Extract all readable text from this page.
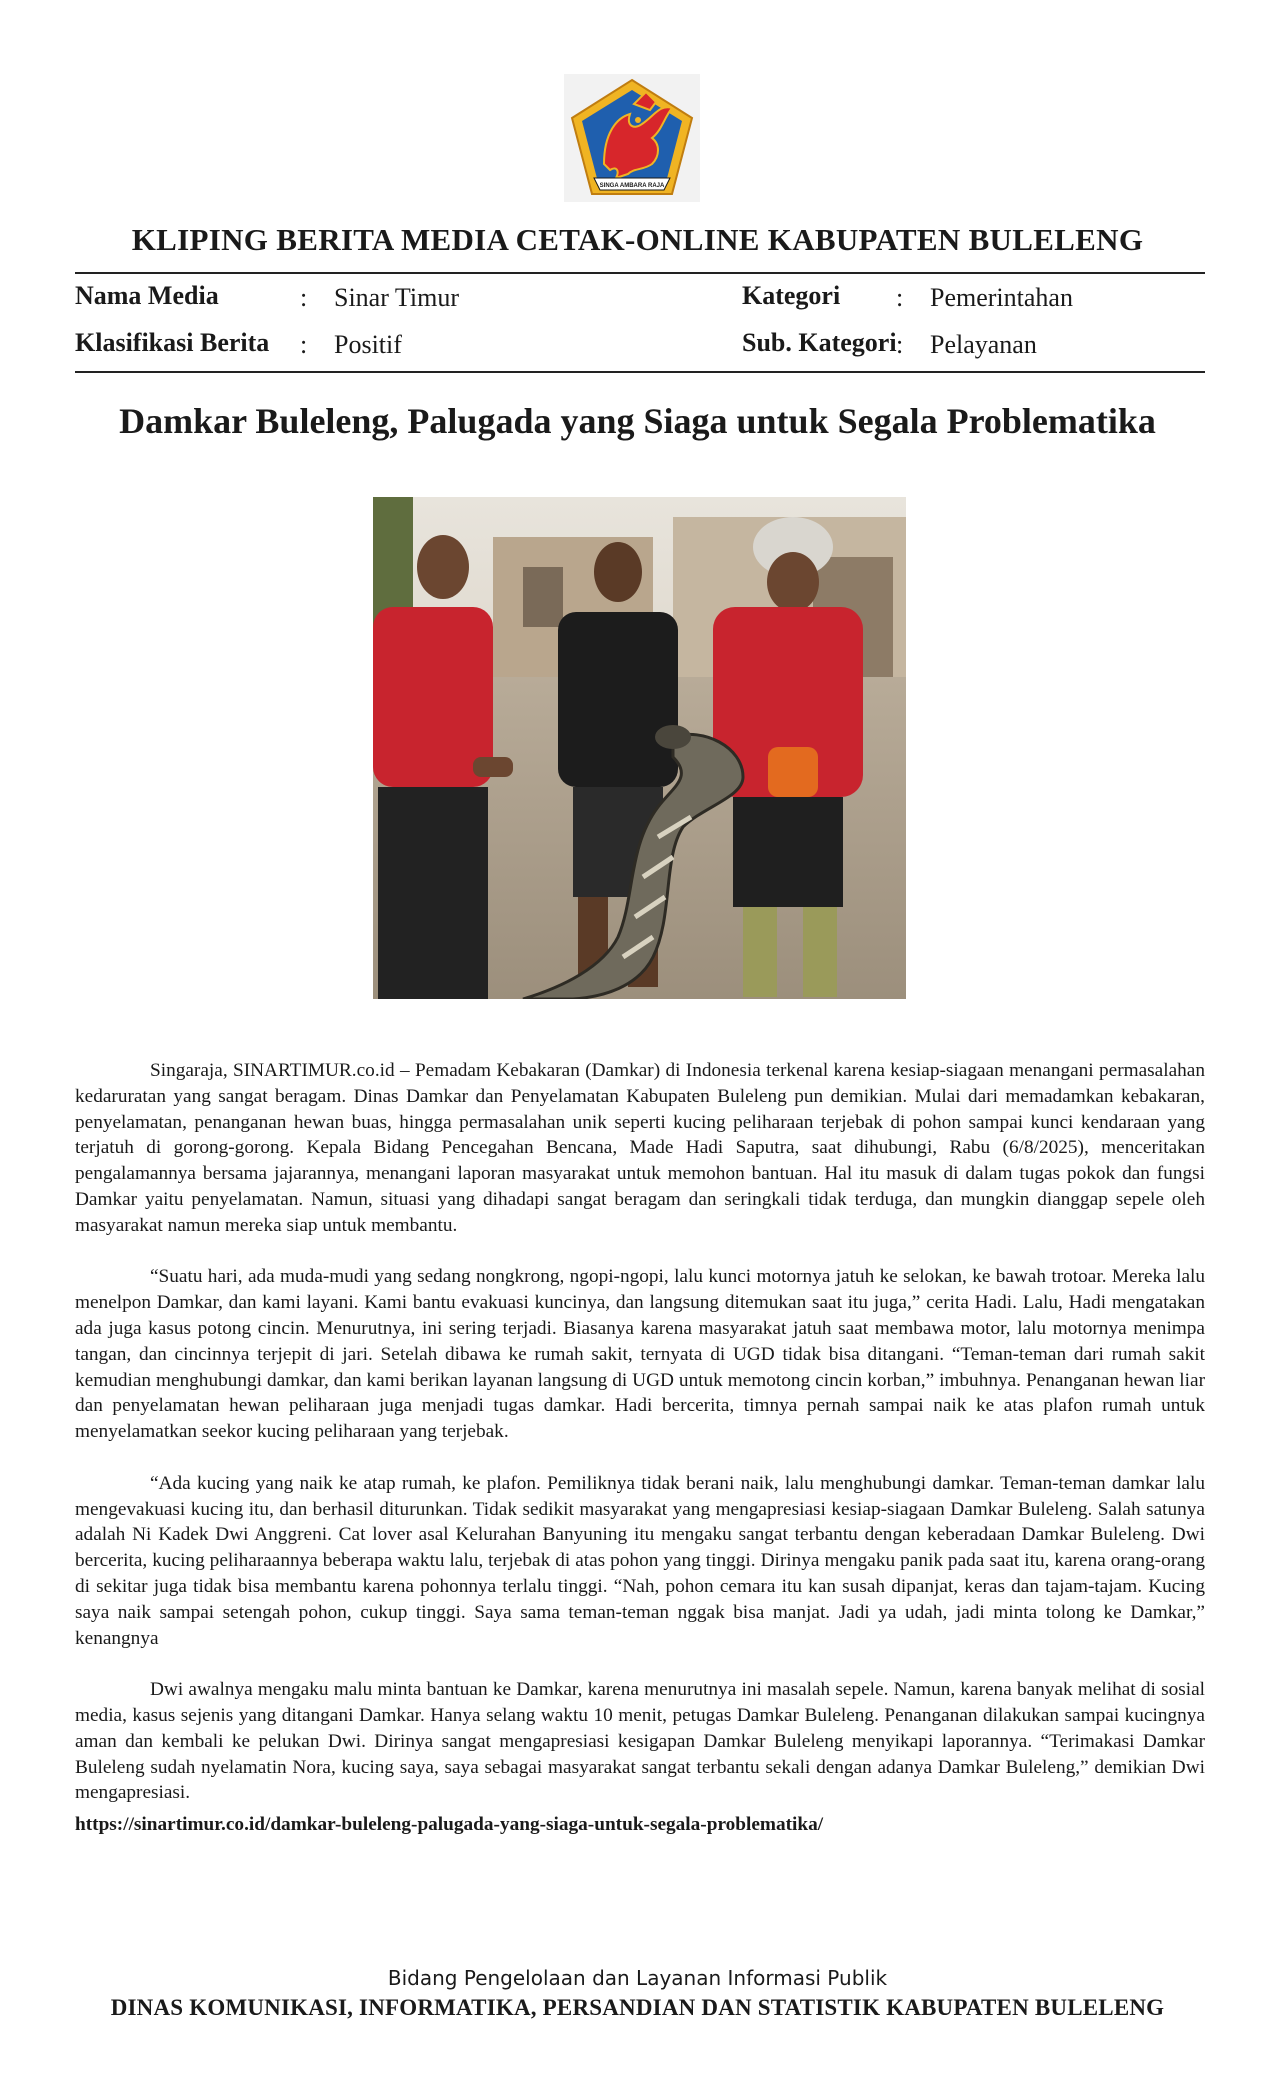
SINGA AMBARA RAJA
KLIPING BERITA MEDIA CETAK-ONLINE KABUPATEN BULELENG
Nama Media	: Sinar Timur	Kategori : Pemerintahan
Klasifikasi Berita : Positif	Sub. Kategori : Pelayanan
Damkar Buleleng, Palugada yang Siaga untuk Segala Problematika

Singaraja, SINARTIMUR.co.id – Pemadam Kebakaran (Damkar) di Indonesia terkenal karena kesiap-siagaan menangani permasalahan kedaruratan yang sangat beragam. Dinas Damkar dan Penyelamatan Kabupaten Buleleng pun demikian. Mulai dari memadamkan kebakaran, penyelamatan, penanganan hewan buas, hingga permasalahan unik seperti kucing peliharaan terjebak di pohon sampai kunci kendaraan yang terjatuh di gorong-gorong. Kepala Bidang Pencegahan Bencana, Made Hadi Saputra, saat dihubungi, Rabu (6/8/2025), menceritakan pengalamannya bersama jajarannya, menangani laporan masyarakat untuk memohon bantuan. Hal itu masuk di dalam tugas pokok dan fungsi Damkar yaitu penyelamatan. Namun, situasi yang dihadapi sangat beragam dan seringkali tidak terduga, dan mungkin dianggap sepele oleh masyarakat namun mereka siap untuk membantu.

“Suatu hari, ada muda-mudi yang sedang nongkrong, ngopi-ngopi, lalu kunci motornya jatuh ke selokan, ke bawah trotoar. Mereka lalu menelpon Damkar, dan kami layani. Kami bantu evakuasi kuncinya, dan langsung ditemukan saat itu juga,” cerita Hadi. Lalu, Hadi mengatakan ada juga kasus potong cincin. Menurutnya, ini sering terjadi. Biasanya karena masyarakat jatuh saat membawa motor, lalu motornya menimpa tangan, dan cincinnya terjepit di jari. Setelah dibawa ke rumah sakit, ternyata di UGD tidak bisa ditangani. “Teman-teman dari rumah sakit kemudian menghubungi damkar, dan kami berikan layanan langsung di UGD untuk memotong cincin korban,” imbuhnya. Penanganan hewan liar dan penyelamatan hewan peliharaan juga menjadi tugas damkar. Hadi bercerita, timnya pernah sampai naik ke atas plafon rumah untuk menyelamatkan seekor kucing peliharaan yang terjebak.

“Ada kucing yang naik ke atap rumah, ke plafon. Pemiliknya tidak berani naik, lalu menghubungi damkar. Teman-teman damkar lalu mengevakuasi kucing itu, dan berhasil diturunkan. Tidak sedikit masyarakat yang mengapresiasi kesiap-siagaan Damkar Buleleng. Salah satunya adalah Ni Kadek Dwi Anggreni. Cat lover asal Kelurahan Banyuning itu mengaku sangat terbantu dengan keberadaan Damkar Buleleng. Dwi bercerita, kucing peliharaannya beberapa waktu lalu, terjebak di atas pohon yang tinggi. Dirinya mengaku panik pada saat itu, karena orang-orang di sekitar juga tidak bisa membantu karena pohonnya terlalu tinggi. “Nah, pohon cemara itu kan susah dipanjat, keras dan tajam-tajam. Kucing saya naik sampai setengah pohon, cukup tinggi. Saya sama teman-teman nggak bisa manjat. Jadi ya udah, jadi minta tolong ke Damkar,” kenangnya

Dwi awalnya mengaku malu minta bantuan ke Damkar, karena menurutnya ini masalah sepele. Namun, karena banyak melihat di sosial media, kasus sejenis yang ditangani Damkar. Hanya selang waktu 10 menit, petugas Damkar Buleleng. Penanganan dilakukan sampai kucingnya aman dan kembali ke pelukan Dwi. Dirinya sangat mengapresiasi kesigapan Damkar Buleleng menyikapi laporannya. “Terimakasi Damkar Buleleng sudah nyelamatin Nora, kucing saya, saya sebagai masyarakat sangat terbantu sekali dengan adanya Damkar Buleleng,” demikian Dwi mengapresiasi.

https://sinartimur.co.id/damkar-buleleng-palugada-yang-siaga-untuk-segala-problematika/
Bidang Pengelolaan dan Layanan Informasi Publik
DINAS KOMUNIKASI, INFORMATIKA, PERSANDIAN DAN STATISTIK KABUPATEN BULELENG
